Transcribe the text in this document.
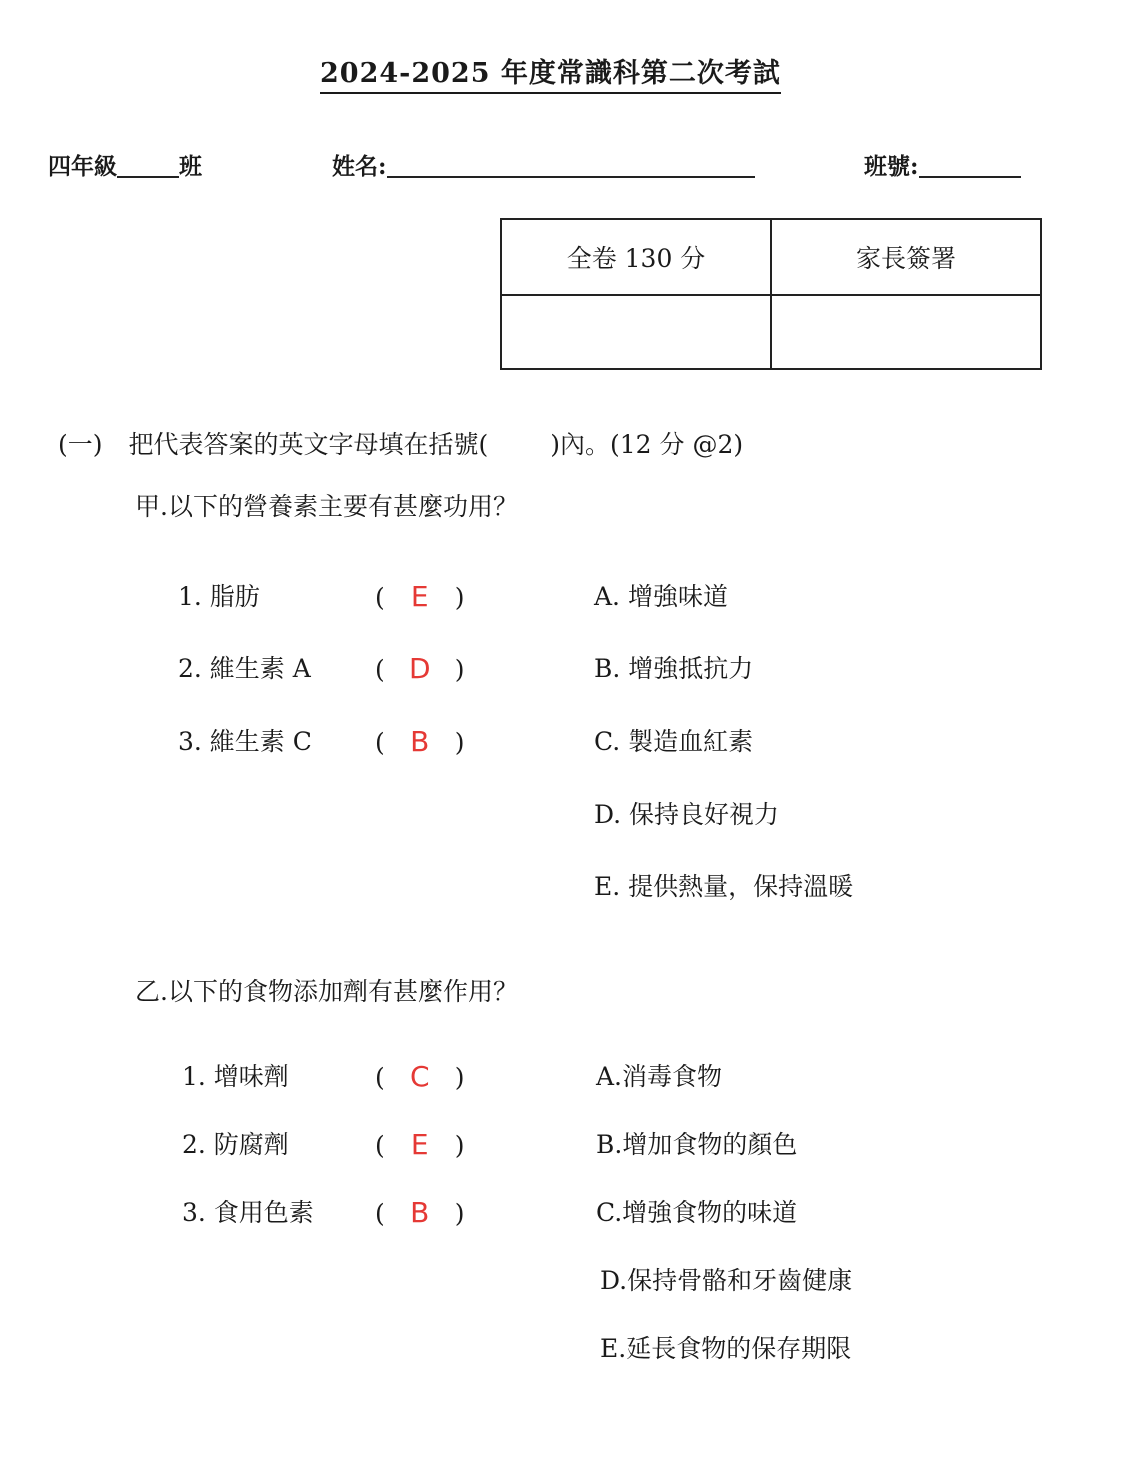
2024-2025 年度常識科第二次考試
四年級	班	姓名:	班號:
全卷 130 分	家長簽署

(一) 把代表答案的英文字母填在括號( )內。(12 分 @2)
甲.以下的營養素主要有甚麼功用？
1. 脂肪	( E )
2. 維生素 A	( D )
3. 維生素 C	( B )
A. 增強味道
B. 增強抵抗力
C. 製造血紅素
D. 保持良好視力
E. 提供熱量，保持溫暖
乙.以下的食物添加劑有甚麼作用？
1. 增味劑	( C )
2. 防腐劑	( E )
3. 食用色素 ( B )
A.消毒食物
B.增加食物的顏色
C.增強食物的味道
D.保持骨骼和牙齒健康
E.延長食物的保存期限
